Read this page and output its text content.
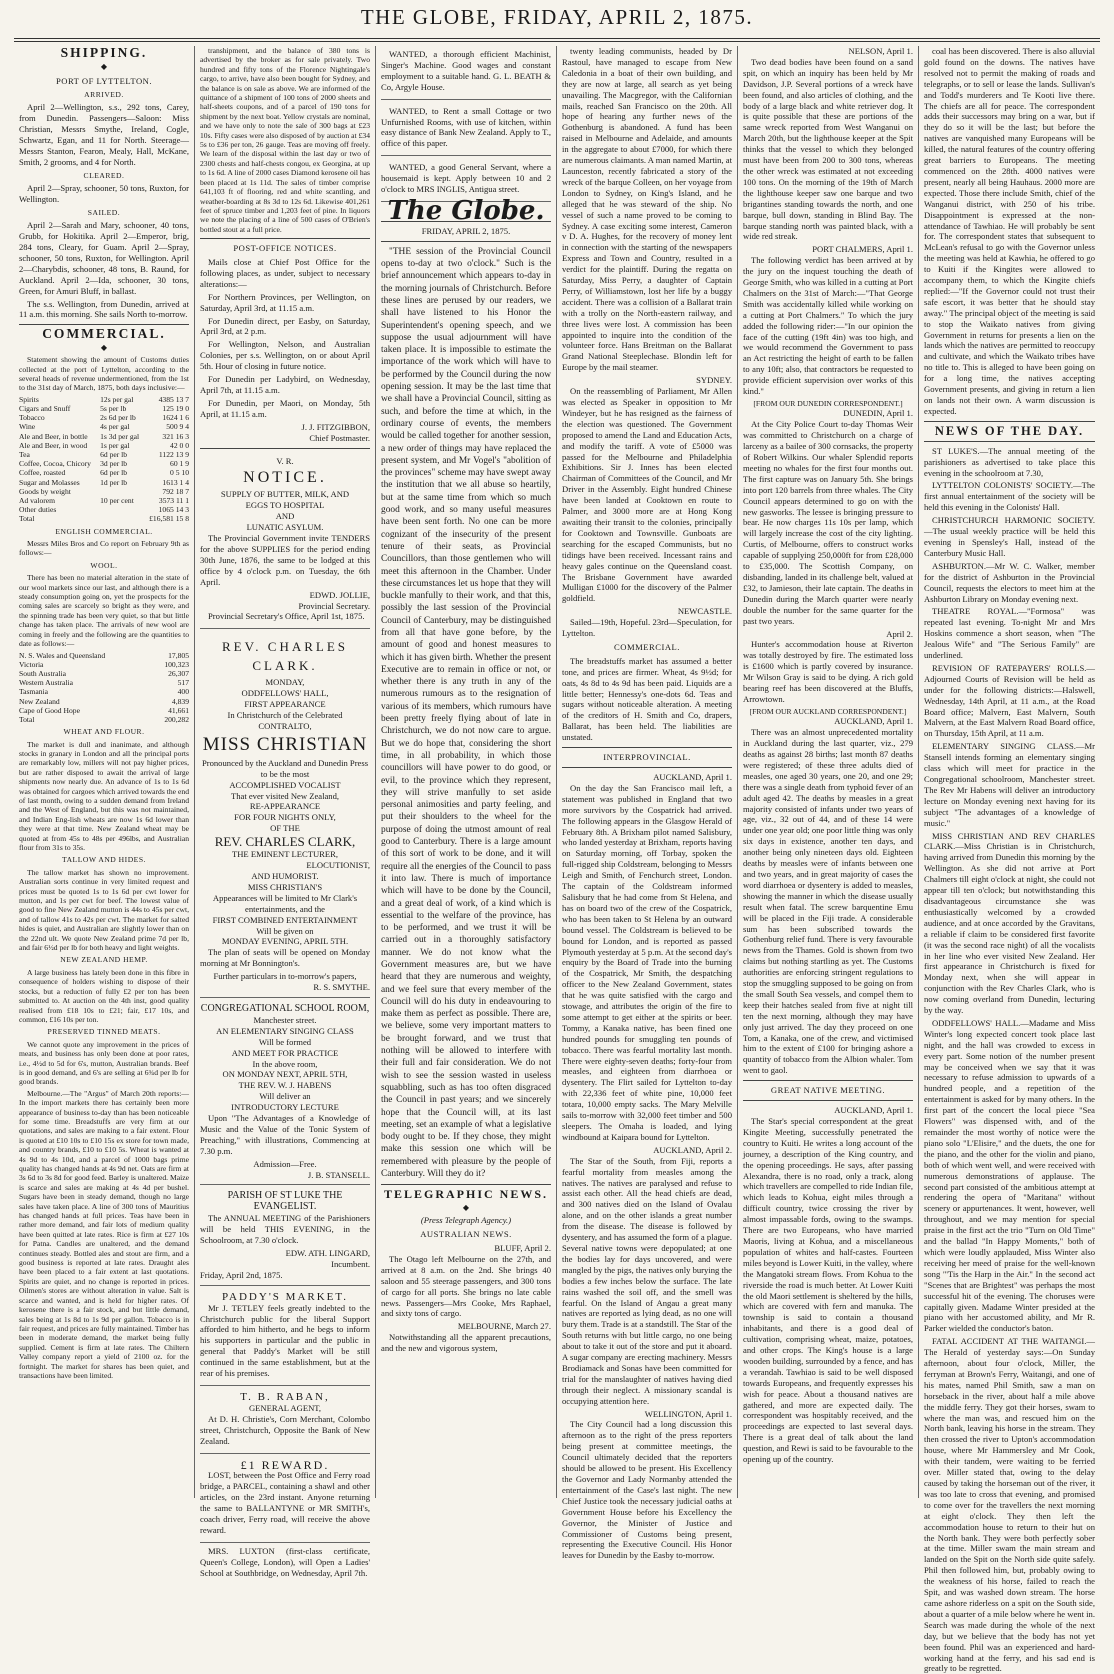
THE GLOBE, FRIDAY, APRIL 2, 1875.
SHIPPING.
◆
PORT OF LYTTELTON.
ARRIVED.
April 2—Wellington, s.s., 292 tons, Carey, from Dunedin. Passengers—Saloon: Miss Christian, Messrs Smythe, Ireland, Cogle, Schwartz, Egan, and 11 for North. Steerage—Messrs Stanton, Fearon, Mealy, Hall, McKane, Smith, 2 grooms, and 4 for North.
CLEARED.
April 2—Spray, schooner, 50 tons, Ruxton, for Wellington.
SAILED.
April 2—Sarah and Mary, schooner, 40 tons, Grubb, for Hokitika. April 2—Emperor, brig, 284 tons, Cleary, for Guam. April 2—Spray, schooner, 50 tons, Ruxton, for Wellington. April 2—Charybdis, schooner, 48 tons, B. Raund, for Auckland. April 2—Ida, schooner, 30 tons, Green, for Amuri Bluff, in ballast.
The s.s. Wellington, from Dunedin, arrived at 11 a.m. this morning. She sails North to-morrow.
COMMERCIAL.
◆
Statement showing the amount of Customs duties collected at the port of Lyttelton, according to the several heads of revenue undermentioned, from the 1st to the 31st day of March, 1875, both days inclusive:—
Spirits	12s per gal	4385 13 7
Cigars and Snuff	5s per lb	125 19 0
Tobacco	2s 6d per lb	1624 1 6
Wine	4s per gal	500 9 4
Ale and Beer, in bottle	1s 3d per gal	321 16 3
Ale and Beer, in wood	1s per gal	42 0 0
Tea	6d per lb	1122 13 9
Coffee, Cocoa, Chicory	3d per lb	60 1 9
Coffee, roasted	6d per lb	0 5 10
Sugar and Molasses	1d per lb	1613 1 4
Goods by weight		792 18 7
Ad valorem	10 per cent	3573 11 1
Other duties		1065 14 3
Total		£16,581 15 8
ENGLISH COMMERCIAL.
Messrs Miles Bros and Co report on February 9th as follows:—
WOOL.
There has been no material alteration in the state of our wool markets since our last, and although there is a steady consumption going on, yet the prospects for the coming sales are scarcely so bright as they were, and the spinning trade has been very quiet, so that but little change has taken place. The arrivals of new wool are coming in freely and the following are the quantities to date as follows:—
N. S. Wales and Queensland	17,805
Victoria	100,323
South Australia	26,307
Western Australia	517
Tasmania	400
New Zealand	4,839
Cape of Good Hope	41,661
Total	200,282
WHEAT AND FLOUR.
The market is dull and inanimate, and although stocks in granary in London and all the principal ports are remarkably low, millers will not pay higher prices, but are rather disposed to await the arrival of large shipments now nearly due. An advance of 1s to 1s 6d was obtained for cargoes which arrived towards the end of last month, owing to a sudden demand from Ireland and the West of England, but this was not maintained, and Indian Eng-lish wheats are now 1s 6d lower than they were at that time. New Zealand wheat may be quoted at from 45s to 48s per 496lbs, and Australian flour from 31s to 35s.
TALLOW AND HIDES.
The tallow market has shown no improvement. Australian sorts continue in very limited request and prices must be quoted 1s to 1s 6d per cwt lower for mutton, and 1s per cwt for beef. The lowest value of good to fine New Zealand mutton is 44s to 45s per cwt, and of tallow 41s to 42s per cwt. The market for salted hides is quiet, and Australian are slightly lower than on the 22nd ult. We quote New Zealand prime 7d per lb, and fair 6½d per lb for both heavy and light weights.
NEW ZEALAND HEMP.
A large business has lately been done in this fibre in consequence of holders wishing to dispose of their stocks, but a reduction of fully £2 per ton has been submitted to. At auction on the 4th inst, good quality realised from £18 10s to £21; fair, £17 10s, and common, £16 10s per ton.
PRESERVED TINNED MEATS.
We cannot quote any improvement in the prices of meats, and business has only been done at poor rates, i.e., 4½d to 5d for 6's, mutton, Australian brands. Beef is in good demand, and 6's are selling at 6¾d per lb for good brands.
Melbourne.—The "Argus" of March 20th reports:—In the import markets there has certainly been more appearance of business to-day than has been noticeable for some time. Breadstuffs are very firm at our quotations, and sales are making to a fair extent. Flour is quoted at £10 10s to £10 15s ex store for town made, and country brands, £10 to £10 5s. Wheat is wanted at 4s 9d to 4s 10d, and a parcel of 1000 bags prime quality has changed hands at 4s 9d net. Oats are firm at 3s 6d to 3s 8d for good feed. Barley is unaltered. Maize is scarce and sales are making at 4s 4d per bushel. Sugars have been in steady demand, though no large sales have taken place. A line of 300 tons of Mauritius has changed hands at full prices. Teas have been in rather more demand, and fair lots of medium quality have been quitted at late rates. Rice is firm at £27 10s for Patna. Candles are unaltered, and the demand continues steady. Bottled ales and stout are firm, and a good business is reported at late rates. Draught ales have been placed to a fair extent at last quotations. Spirits are quiet, and no change is reported in prices. Oilmen's stores are without alteration in value. Salt is scarce and wanted, and is held for higher rates. Of kerosene there is a fair stock, and but little demand, sales being at 1s 8d to 1s 9d per gallon. Tobacco is in fair request, and prices are fully maintained. Timber has been in moderate demand, the market being fully supplied. Cement is firm at late rates. The Chiltern Valley company report a yield of 2100 oz. for the fortnight. The market for shares has been quiet, and transactions have been limited.
transhipment, and the balance of 380 tons is advertised by the broker as for sale privately. Two hundred and fifty tons of the Florence Nightingale's cargo, to arrive, have also been bought for Sydney, and the balance is on sale as above. We are informed of the quittance of a shipment of 100 tons of 2000 sheets and half-sheets coupons, and of a parcel of 190 tons for shipment by the next boat. Yellow crystals are nominal, and we have only to note the sale of 300 bags at £23 10s. Fifty cases were also disposed of by auction at £34 5s to £36 per ton, 26 gauge. Teas are moving off freely. We learn of the disposal within the last day or two of 2300 chests and half-chests congou, ex Georgina, at up to 1s 6d. A line of 2000 cases Diamond kerosene oil has been placed at 1s 11d. The sales of timber comprise 641,103 ft of flooring, red and white scantling, and weather-boarding at 8s 3d to 12s 6d. Likewise 401,261 feet of spruce timber and 1,203 feet of pine. In liquors we note the placing of a line of 500 cases of O'Brien's bottled stout at a full price.
POST-OFFICE NOTICES.
Mails close at Chief Post Office for the following places, as under, subject to necessary alterations:—
For Northern Provinces, per Wellington, on Saturday, April 3rd, at 11.15 a.m.
For Dunedin direct, per Easby, on Saturday, April 3rd, at 2 p.m.
For Wellington, Nelson, and Australian Colonies, per s.s. Wellington, on or about April 5th. Hour of closing in future notice.
For Dunedin per Ladybird, on Wednesday, April 7th, at 11.15 a.m.
For Dunedin, per Maori, on Monday, 5th April, at 11.15 a.m.
J. J. FITZGIBBON,
Chief Postmaster.
V. R.
NOTICE.
SUPPLY OF BUTTER, MILK, AND
EGGS TO HOSPITAL
AND
LUNATIC ASYLUM.
The Provincial Government invite TENDERS for the above SUPPLIES for the period ending 30th June, 1876, the same to be lodged at this office by 4 o'clock p.m. on Tuesday, the 6th April.
EDWD. JOLLIE,
Provincial Secretary.
Provincial Secretary's Office, April 1st, 1875.
REV. CHARLES CLARK.
MONDAY,
ODDFELLOWS' HALL,
FIRST APPEARANCE
In Christchurch of the Celebrated
CONTRALTO,
MISS CHRISTIAN
Pronounced by the Auckland and Dunedin Press to be the most
ACCOMPLISHED VOCALIST
That ever visited New Zealand,
RE-APPEARANCE
FOR FOUR NIGHTS ONLY,
OF THE
REV. CHARLES CLARK,
THE EMINENT LECTURER,
ELOCUTIONIST,
AND HUMORIST.
MISS CHRISTIAN'S
Appearances will be limited to Mr Clark's entertainments, and the
FIRST COMBINED ENTERTAINMENT
Will be given on
MONDAY EVENING, APRIL 5TH.
The plan of seats will be opened on Monday morning at Mr Bonnington's.
Further particulars in to-morrow's papers,
R. S. SMYTHE.
CONGREGATIONAL SCHOOL ROOM,
Manchester street.
AN ELEMENTARY SINGING CLASS
Will be formed
AND MEET FOR PRACTICE
In the above room,
ON MONDAY NEXT, APRIL 5TH,
THE REV. W. J. HABENS
Will deliver an
INTRODUCTORY LECTURE
Upon "The Advantages of a Knowledge of Music and the Value of the Tonic System of Preaching," with illustrations, Commencing at 7.30 p.m.
Admission—Free.
J. B. STANSELL.
PARISH OF ST LUKE THE EVANGELIST.
The ANNUAL MEETING of the Parishioners will be held THIS EVENING, in the Schoolroom, at 7.30 o'clock.
EDW. ATH. LINGARD,
Incumbent.
Friday, April 2nd, 1875.
PADDY'S MARKET.
Mr J. TETLEY feels greatly indebted to the Christchurch public for the liberal Support afforded to him hitherto, and he begs to inform his supporters in particular and the public in general that Paddy's Market will be still continued in the same establishment, but at the rear of his premises.
T. B. RABAN,
GENERAL AGENT,
At D. H. Christie's, Corn Merchant, Colombo street, Christchurch, Opposite the Bank of New Zealand.
£1 REWARD.
LOST, between the Post Office and Ferry road bridge, a PARCEL, containing a shawl and other articles, on the 23rd instant. Anyone returning the same to BALLANTYNE or MR SMITH's, coach driver, Ferry road, will receive the above reward.
MRS. LUXTON (first-class certificate, Queen's College, London), will Open a Ladies' School at Southbridge, on Wednesday, April 7th.
WANTED, a thorough efficient Machinist, Singer's Machine. Good wages and constant employment to a suitable hand. G. L. BEATH & Co, Argyle House.
WANTED, to Rent a small Cottage or two Unfurnished Rooms, with use of kitchen, within easy distance of Bank New Zealand. Apply to T., office of this paper.
WANTED, a good General Servant, where a housemaid is kept. Apply between 10 and 2 o'clock to MRS INGLIS, Antigua street.
The Globe.
FRIDAY, APRIL 2, 1875.
"THE session of the Provincial Council opens to-day at two o'clock." Such is the brief announcement which appears to-day in the morning journals of Christchurch. Before these lines are perused by our readers, we shall have listened to his Honor the Superintendent's opening speech, and we suppose the usual adjournment will have taken place. It is impossible to estimate the importance of the work which will have to be performed by the Council during the now opening session. It may be the last time that we shall have a Provincial Council, sitting as such, and before the time at which, in the ordinary course of events, the members would be called together for another session, a new order of things may have replaced the present system, and Mr Vogel's "abolition of the provinces" scheme may have swept away the institution that we all abuse so heartily, but at the same time from which so much good work, and so many useful measures have been sent forth. No one can be more cognizant of the insecurity of the present tenure of their seats, as Provincial Councillors, than those gentlemen who will meet this afternoon in the Chamber. Under these circumstances let us hope that they will buckle manfully to their work, and that this, possibly the last session of the Provincial Council of Canterbury, may be distinguished from all that have gone before, by the amount of good and honest measures to which it has given birth. Whether the present Executive are to remain in office or not, or whether there is any truth in any of the numerous rumours as to the resignation of various of its members, which rumours have been pretty freely flying about of late in Christchurch, we do not now care to argue. But we do hope that, considering the short time, in all probability, in which those councillors will have power to do good, or evil, to the province which they represent, they will strive manfully to set aside personal animosities and party feeling, and put their shoulders to the wheel for the purpose of doing the utmost amount of real good to Canterbury. There is a large amount of this sort of work to be done, and it will require all the energies of the Council to pass it into law. There is much of importance which will have to be done by the Council, and a great deal of work, of a kind which is essential to the welfare of the province, has to be performed, and we trust it will be carried out in a thoroughly satisfactory manner. We do not know what the Government measures are, but we have heard that they are numerous and weighty, and we feel sure that every member of the Council will do his duty in endeavouring to make them as perfect as possible. There are, we believe, some very important matters to be brought forward, and we trust that nothing will be allowed to interfere with their full and fair consideration. We do not wish to see the session wasted in useless squabbling, such as has too often disgraced the Council in past years; and we sincerely hope that the Council will, at its last meeting, set an example of what a legislative body ought to be. If they chose, they might make this session one which will be remembered with pleasure by the people of Canterbury. Will they do it?
TELEGRAPHIC NEWS.
◆
(Press Telegraph Agency.)
AUSTRALIAN NEWS.
BLUFF, April 2.
The Otago left Melbourne on the 27th, and arrived at 8 a.m. on the 2nd. She brings 40 saloon and 55 steerage passengers, and 300 tons of cargo for all ports. She brings no late cable news. Passengers—Mrs Cooke, Mrs Raphael, and sixty tons of cargo.
MELBOURNE, March 27.
Notwithstanding all the apparent precautions, and the new and vigorous system,
twenty leading communists, headed by Dr Rastoul, have managed to escape from New Caledonia in a boat of their own building, and they are now at large, all search as yet being unavailing. The Macgregor, with the Californian mails, reached San Francisco on the 20th. All hope of hearing any further news of the Gothenburg is abandoned. A fund has been raised in Melbourne and Adelaide, and amounts in the aggregate to about £7000, for which there are numerous claimants. A man named Martin, at Launceston, recently fabricated a story of the wreck of the barque Colleen, on her voyage from London to Sydney, on King's Island, and he alleged that he was steward of the ship. No vessel of such a name proved to be coming to Sydney. A case exciting some interest, Cameron v D. A. Hughes, for the recovery of money lent in connection with the starting of the newspapers Express and Town and Country, resulted in a verdict for the plaintiff. During the regatta on Saturday, Miss Perry, a daughter of Captain Perry, of Williamstown, lost her life by a buggy accident. There was a collision of a Ballarat train with a trolly on the North-eastern railway, and three lives were lost. A commission has been appointed to inquire into the condition of the volunteer force. Hans Breitman on the Ballarat Grand National Steeplechase. Blondin left for Europe by the mail steamer.
SYDNEY.
On the reassembling of Parliament, Mr Allen was elected as Speaker in opposition to Mr Windeyer, but he has resigned as the fairness of the election was questioned. The Government proposed to amend the Land and Education Acts, and modify the tariff. A vote of £5000 was passed for the Melbourne and Philadelphia Exhibitions. Sir J. Innes has been elected Chairman of Committees of the Council, and Mr Driver in the Assembly. Eight hundred Chinese have been landed at Cooktown en route to Palmer, and 3000 more are at Hong Kong awaiting their transit to the colonies, principally for Cooktown and Townsville. Gunboats are searching for the escaped Communists, but no tidings have been received. Incessant rains and heavy gales continue on the Queensland coast. The Brisbane Government have awarded Mulligan £1000 for the discovery of the Palmer goldfield.
NEWCASTLE.
Sailed—19th, Hopeful. 23rd—Speculation, for Lyttelton.
COMMERCIAL.
The breadstuffs market has assumed a better tone, and prices are firmer. Wheat, 4s 9½d; for oats, 4s 8d to 4s 9d has been paid. Liquids are a little better; Hennessy's one-dots 6d. Teas and sugars without noticeable alteration. A meeting of the creditors of H. Smith and Co, drapers, Ballarat, has been held. The liabilities are unstated.
INTERPROVINCIAL.
AUCKLAND, April 1.
On the day the San Francisco mail left, a statement was published in England that two more survivors by the Cospatrick had arrived. The following appears in the Glasgow Herald of February 8th. A Brixham pilot named Salisbury, who landed yesterday at Brixham, reports having on Saturday morning, off Torbay, spoken the full-rigged ship Coldstream, belonging to Messrs Leigh and Smith, of Fenchurch street, London. The captain of the Coldstream informed Salisbury that he had come from St Helena, and has on board two of the crew of the Cospatrick, who has been taken to St Helena by an outward bound vessel. The Coldstream is believed to be bound for London, and is reported as passed Plymouth yesterday at 5 p.m. At the second day's enquiry by the Board of Trade into the burning of the Cospatrick, Mr Smith, the despatching officer to the New Zealand Government, states that he was quite satisfied with the cargo and stowage, and attributes the origin of the fire to some attempt to get either at the spirits or beer. Tommy, a Kanaka native, has been fined one hundred pounds for smuggling ten pounds of tobacco. There was fearful mortality last month. There were eighty-seven deaths; forty-four from measles, and eighteen from diarrhoea or dysentery. The Flirt sailed for Lyttelton to-day with 22,336 feet of white pine, 10,000 feet totara, 10,000 empty sacks. The Mary Melville sails to-morrow with 32,000 feet timber and 500 sleepers. The Omaha is loaded, and lying windbound at Kaipara bound for Lyttelton.
AUCKLAND, April 2.
The Star of the South, from Fiji, reports a fearful mortality from measles among the natives. The natives are paralysed and refuse to assist each other. All the head chiefs are dead, and 300 natives died on the Island of Ovalau alone, and on the other islands a great number from the disease. The disease is followed by dysentery, and has assumed the form of a plague. Several native towns were depopulated; at one the bodies lay for days uncovered, and were mangled by the pigs, the natives only burying the bodies a few inches below the surface. The late rains washed the soil off, and the smell was fearful. On the Island of Angau a great many natives are reported as lying dead, as no one will bury them. Trade is at a standstill. The Star of the South returns with but little cargo, no one being about to take it out of the store and put it aboard. A sugar company are erecting machinery. Messrs Brodiamack and Sonas have been committed for trial for the manslaughter of natives having died through their neglect. A missionary scandal is occupying attention here.
WELLINGTON, April 1.
The City Council had a long discussion this afternoon as to the right of the press reporters being present at committee meetings, the Council ultimately decided that the reporters should be allowed to be present. His Excellency the Governor and Lady Normanby attended the entertainment of the Case's last night. The new Chief Justice took the necessary judicial oaths at Government House before his Excellency the Governor, the Minister of Justice and Commissioner of Customs being present, representing the Executive Council. His Honor leaves for Dunedin by the Easby to-morrow.
NELSON, April 1.
Two dead bodies have been found on a sand spit, on which an inquiry has been held by Mr Davidson, J.P. Several portions of a wreck have been found, and also articles of clothing, and the body of a large black and white retriever dog. It is quite possible that these are portions of the same wreck reported from West Wanganui on March 20th, but the lighthouse keeper at the Spit thinks that the vessel to which they belonged must have been from 200 to 300 tons, whereas the other wreck was estimated at not exceeding 100 tons. On the morning of the 19th of March the lighthouse keeper saw one barque and two brigantines standing towards the north, and one barque, bull down, standing in Blind Bay. The barque standing north was painted black, with a wide red streak.
PORT CHALMERS, April 1.
The following verdict has been arrived at by the jury on the inquest touching the death of George Smith, who was killed in a cutting at Port Chalmers on the 31st of March:—"That George Smith was accidentally killed while working on a cutting at Port Chalmers." To which the jury added the following rider:—"In our opinion the face of the cutting (19ft 4in) was too high, and we would recommend the Government to pass an Act restricting the height of earth to be fallen to any 10ft; also, that contractors be requested to provide efficient supervision over works of this kind."
[FROM OUR DUNEDIN CORRESPONDENT.]
DUNEDIN, April 1.
At the City Police Court to-day Thomas Weir was committed to Christchurch on a charge of larceny as a bailee of 300 cornsacks, the property of Robert Wilkins. Our whaler Splendid reports meeting no whales for the first four months out. The first capture was on January 5th. She brings into port 120 barrels from three whales. The City Council appears determined to go on with the new gasworks. The lessee is bringing pressure to bear. He now charges 11s 10s per lamp, which will largely increase the cost of the city lighting. Curtis, of Melbourne, offers to construct works capable of supplying 250,000ft for from £28,000 to £35,000. The Scottish Company, on disbanding, landed in its challenge belt, valued at £32, to Jamieson, their late captain. The deaths in Dunedin during the March quarter were nearly double the number for the same quarter for the past two years.
April 2.
Hunter's accommodation house at Riverton was totally destroyed by fire. The estimated loss is £1600 which is partly covered by insurance. Mr Wilson Gray is said to be dying. A rich gold bearing reef has been discovered at the Bluffs, Arrowtown.
[FROM OUR AUCKLAND CORRESPONDENT.]
AUCKLAND, April 1.
There was an almost unprecedented mortality in Auckland during the last quarter, viz., 279 deaths as against 28 births; last month 87 deaths were registered; of these three adults died of measles, one aged 30 years, one 20, and one 29; there was a single death from typhoid fever of an adult aged 42. The deaths by measles in a great majority consisted of infants under two years of age, viz., 32 out of 44, and of these 14 were under one year old; one poor little thing was only six days in existence, another ten days, and another being only nineteen days old. Eighteen deaths by measles were of infants between one and two years, and in great majority of cases the word diarrhoea or dysentery is added to measles, showing the manner in which the disease usually result when fatal. The screw barquentine Emu will be placed in the Fiji trade. A considerable sum has been subscribed towards the Gothenburg relief fund. There is very favourable news from the Thames. Gold is shown from two claims but nothing startling as yet. The Customs authorities are enforcing stringent regulations to stop the smuggling supposed to be going on from the small South Sea vessels, and compel them to keep their hatches sealed from five at night till ten the next morning, although they may have only just arrived. The day they proceed on one Tom, a Kanaka, one of the crew, and victimised him to the extent of £100 for bringing ashore a quantity of tobacco from the Albion whaler. Tom went to gaol.
GREAT NATIVE MEETING.
AUCKLAND, April 1.
The Star's special correspondent at the great Kingite Meeting, successfully penetrated the country to Kuiti. He writes a long account of the journey, a description of the King country, and the opening proceedings. He says, after passing Alexandra, there is no road, only a track, along which travellers are compelled to ride Indian file, which leads to Kohua, eight miles through a difficult country, twice crossing the river by almost impassable fords, owing to the swamps. There are two Europeans, who have married Maoris, living at Kohua, and a miscellaneous population of whites and half-castes. Fourteen miles beyond is Lower Kuiti, in the valley, where the Mangatoki stream flows. From Kohua to the riverside the road is much better. At Lower Kuiti the old Maori settlement is sheltered by the hills, which are covered with fern and manuka. The township is said to contain a thousand inhabitants, and there is a good deal of cultivation, comprising wheat, maize, potatoes, and other crops. The King's house is a large wooden building, surrounded by a fence, and has a verandah. Tawhiao is said to be well disposed towards Europeans, and frequently expresses his wish for peace. About a thousand natives are gathered, and more are expected daily. The correspondent was hospitably received, and the proceedings are expected to last several days. There is a great deal of talk about the land question, and Rewi is said to be favourable to the opening up of the country.
coal has been discovered. There is also alluvial gold found on the downs. The natives have resolved not to permit the making of roads and telegraphs, or to sell or lease the lands. Sullivan's and Todd's murderers and Te Kooti live there. The chiefs are all for peace. The correspondent adds their successors may bring on a war, but if they do so it will be the last; but before the natives are vanquished many Europeans will be killed, the natural features of the country offering great barriers to Europeans. The meeting commenced on the 28th. 4000 natives were present, nearly all being Hauhaus. 2000 more are expected. Those there include Smith, chief of the Wanganui district, with 250 of his tribe. Disappointment is expressed at the non-attendance of Tawhiao. He will probably be sent for. The correspondent states that subsequent to McLean's refusal to go with the Governor unless the meeting was held at Kawhia, he offered to go to Kuiti if the Kingites were allowed to accompany them, to which the Kingite chiefs replied:—"If the Governor could not trust their safe escort, it was better that he should stay away." The principal object of the meeting is said to stop the Waikato natives from giving Government in returns for presents a lien on the lands which the natives are permitted to reoccupy and cultivate, and which the Waikato tribes have no title to. This is alleged to have been going on for a long time, the natives accepting Government presents, and giving in return a lien on lands not their own. A warm discussion is expected.
NEWS OF THE DAY.
ST LUKE'S.—The annual meeting of the parishioners as advertised to take place this evening in the schoolroom at 7.30,
LYTTELTON COLONISTS' SOCIETY.—The first annual entertainment of the society will be held this evening in the Colonists' Hall.
CHRISTCHURCH HARMONIC SOCIETY.—The usual weekly practice will be held this evening in Spensley's Hall, instead of the Canterbury Music Hall.
ASHBURTON.—Mr W. C. Walker, member for the district of Ashburton in the Provincial Council, requests the electors to meet him at the Ashburton Library on Monday evening next.
THEATRE ROYAL.—"Formosa" was repeated last evening. To-night Mr and Mrs Hoskins commence a short season, when "The Jealous Wife" and "The Serious Family" are underlined.
REVISION OF RATEPAYERS' ROLLS.—Adjourned Courts of Revision will be held as under for the following districts:—Halswell, Wednesday, 14th April, at 11 a.m., at the Road Board office; Malvern, East Malvern, South Malvern, at the East Malvern Road Board office, on Thursday, 15th April, at 11 a.m.
ELEMENTARY SINGING CLASS.—Mr Stansell intends forming an elementary singing class which will meet for practice in the Congregational schoolroom, Manchester street. The Rev Mr Habens will deliver an introductory lecture on Monday evening next having for its subject "The advantages of a knowledge of music."
MISS CHRISTIAN AND REV CHARLES CLARK.—Miss Christian is in Christchurch, having arrived from Dunedin this morning by the Wellington. As she did not arrive at Port Chalmers till eight o'clock at night, she could not appear till ten o'clock; but notwithstanding this disadvantageous circumstance she was enthusiastically welcomed by a crowded audience, and at once accorded by the Gravitans, a reliable if claim to be considered first favorite (it was the second race night) of all the vocalists in her line who ever visited New Zealand. Her first appearance in Christchurch is fixed for Monday next, when she will appear in conjunction with the Rev Charles Clark, who is now coming overland from Dunedin, lecturing by the way.
ODDFELLOWS' HALL.—Madame and Miss Winter's long expected concert took place last night, and the hall was crowded to excess in every part. Some notion of the number present may be conceived when we say that it was necessary to refuse admission to upwards of a hundred people, and a repetition of the entertainment is asked for by many others. In the first part of the concert the local piece "Sea Flowers" was dispensed with, and of the remainder the most worthy of notice were the piano solo "L'Elisire," and the duets, the one for the piano, and the other for the violin and piano, both of which went well, and were received with numerous demonstrations of applause. The second part consisted of the ambitious attempt at rendering the opera of "Maritana" without scenery or appurtenances. It went, however, well throughout, and we may mention for special praise in the first act the trio "Turn on Old Time" and the ballad "In Happy Moments," both of which were loudly applauded, Miss Winter also receiving her meed of praise for the well-known song "'Tis the Harp in the Air." In the second act "Scenes that are Brightest" was perhaps the most successful hit of the evening. The choruses were capitally given. Madame Winter presided at the piano with her accustomed ability, and Mr R. Parker wielded the conductor's baton.
FATAL ACCIDENT AT THE WAITANGI.—The Herald of yesterday says:—On Sunday afternoon, about four o'clock, Miller, the ferryman at Brown's Ferry, Waitangi, and one of his mates, named Phil Smith, saw a man on horseback in the river, about half a mile above the middle ferry. They got their horses, swam to where the man was, and rescued him on the North bank, leaving his horse in the stream. They then crossed the river to Upton's accommodation house, where Mr Hammersley and Mr Cook, with their tandem, were waiting to be ferried over. Miller stated that, owing to the delay caused by taking the horseman out of the river, it was too late to cross that evening, and promised to come over for the travellers the next morning at eight o'clock. They then left the accommodation house to return to their hut on the North bank. They were both perfectly sober at the time. Miller swam the main stream and landed on the Spit on the North side quite safely. Phil then followed him, but, probably owing to the weakness of his horse, failed to reach the Spit, and was washed down stream. The horse came ashore riderless on a spit on the South side, about a quarter of a mile below where he went in. Search was made during the whole of the next day, but we believe that the body has not yet been found. Phil was an experienced and hard-working hand at the ferry, and his sad end is greatly to be regretted.
